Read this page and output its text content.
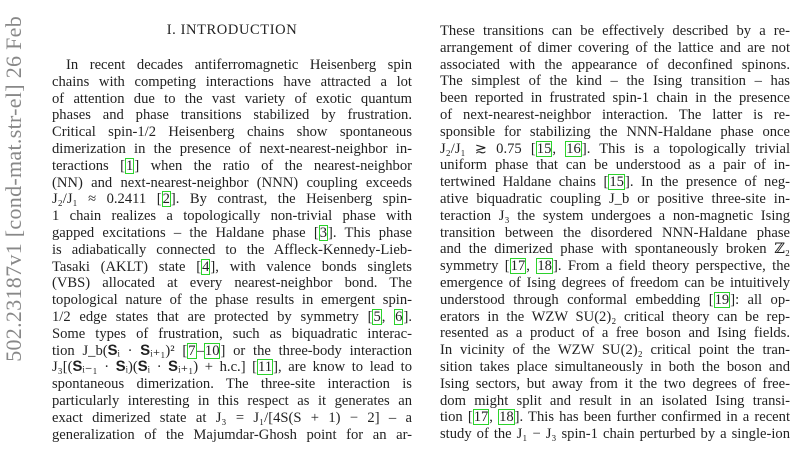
502.23187v1 [cond-mat.str-el] 26 Feb	I. INTRODUCTION
In recent decades antiferromagnetic Heisenberg spin
chains with competing interactions have attracted a lot
of attention due to the vast variety of exotic quantum
phases and phase transitions stabilized by frustration.
Critical spin-1/2 Heisenberg chains show spontaneous
dimerization in the presence of next-nearest-neighbor in-
teractions [1] when the ratio of the nearest-neighbor
(NN) and next-nearest-neighbor (NNN) coupling exceeds
J₂/J₁ ≈ 0.2411 [2]. By contrast, the Heisenberg spin-
1 chain realizes a topologically non-trivial phase with
gapped excitations – the Haldane phase [3]. This phase
is adiabatically connected to the Affleck-Kennedy-Lieb-
Tasaki (AKLT) state [4], with valence bonds singlets
(VBS) allocated at every nearest-neighbor bond. The
topological nature of the phase results in emergent spin-
1/2 edge states that are protected by symmetry [5, 6].
Some types of frustration, such as biquadratic interac-
tion J_b(𝐒ᵢ · 𝐒ᵢ₊₁)² [7–10] or the three-body interaction
J₃[(𝐒ᵢ₋₁ · 𝐒ᵢ)(𝐒ᵢ · 𝐒ᵢ₊₁) + h.c.] [11], are know to lead to
spontaneous dimerization. The three-site interaction is
particularly interesting in this respect as it generates an
exact dimerized state at J₃ = J₁/[4S(S + 1) − 2] – a
generalization of the Majumdar-Ghosh point for an ar-
These transitions can be effectively described by a re-
arrangement of dimer covering of the lattice and are not
associated with the appearance of deconfined spinons.
The simplest of the kind – the Ising transition – has
been reported in frustrated spin-1 chain in the presence
of next-nearest-neighbor interaction. The latter is re-
sponsible for stabilizing the NNN-Haldane phase once
J₂/J₁ ≳ 0.75 [15, 16]. This is a topologically trivial
uniform phase that can be understood as a pair of in-
tertwined Haldane chains [15]. In the presence of neg-
ative biquadratic coupling J_b or positive three-site in-
teraction J₃ the system undergoes a non-magnetic Ising
transition between the disordered NNN-Haldane phase
and the dimerized phase with spontaneously broken ℤ₂
symmetry [17, 18]. From a field theory perspective, the
emergence of Ising degrees of freedom can be intuitively
understood through conformal embedding [19]: all op-
erators in the WZW SU(2)₂ critical theory can be rep-
resented as a product of a free boson and Ising fields.
In vicinity of the WZW SU(2)₂ critical point the tran-
sition takes place simultaneously in both the boson and
Ising sectors, but away from it the two degrees of free-
dom might split and result in an isolated Ising transi-
tion [17, 18]. This has been further confirmed in a recent
study of the J₁ − J₃ spin-1 chain perturbed by a single-ion
